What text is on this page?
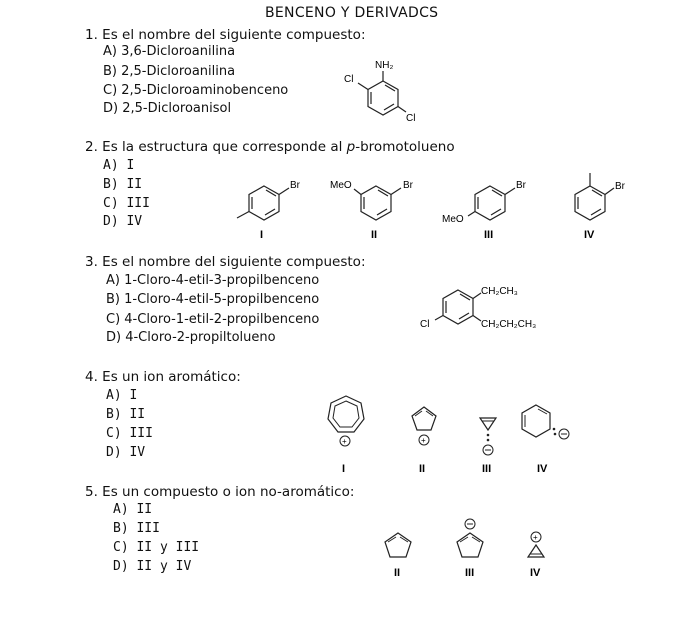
BENCENO Y DERIVADCS
1. Es el nombre del siguiente compuesto:
A) 3,6-Dicloroanilina
B) 2,5-Dicloroanilina
C) 2,5-Dicloroaminobenceno
D) 2,5-Dicloroanisol
NH₂
Cl
Cl
2. Es la estructura que corresponde al p-bromotolueno
A) I
B) II
C) III
D) IV
Br
I
MeO	Br
II
Br
MeO
III
Br
IV
3. Es el nombre del siguiente compuesto:
A) 1-Cloro-4-etil-3-propilbenceno
B) 1-Cloro-4-etil-5-propilbenceno
C) 4-Cloro-1-etil-2-propilbenceno
D) 4-Cloro-2-propiltolueno
CH₂CH₃
CH₂CH₂CH₃
Cl
4. Es un ion aromático:
A) I
B) II
C) III
D) IV
+
I
+
II	III	IV
5. Es un compuesto o ion no-aromático:
A) II
B) III
C) II y III
D) II y IV	II	III
+
IV
